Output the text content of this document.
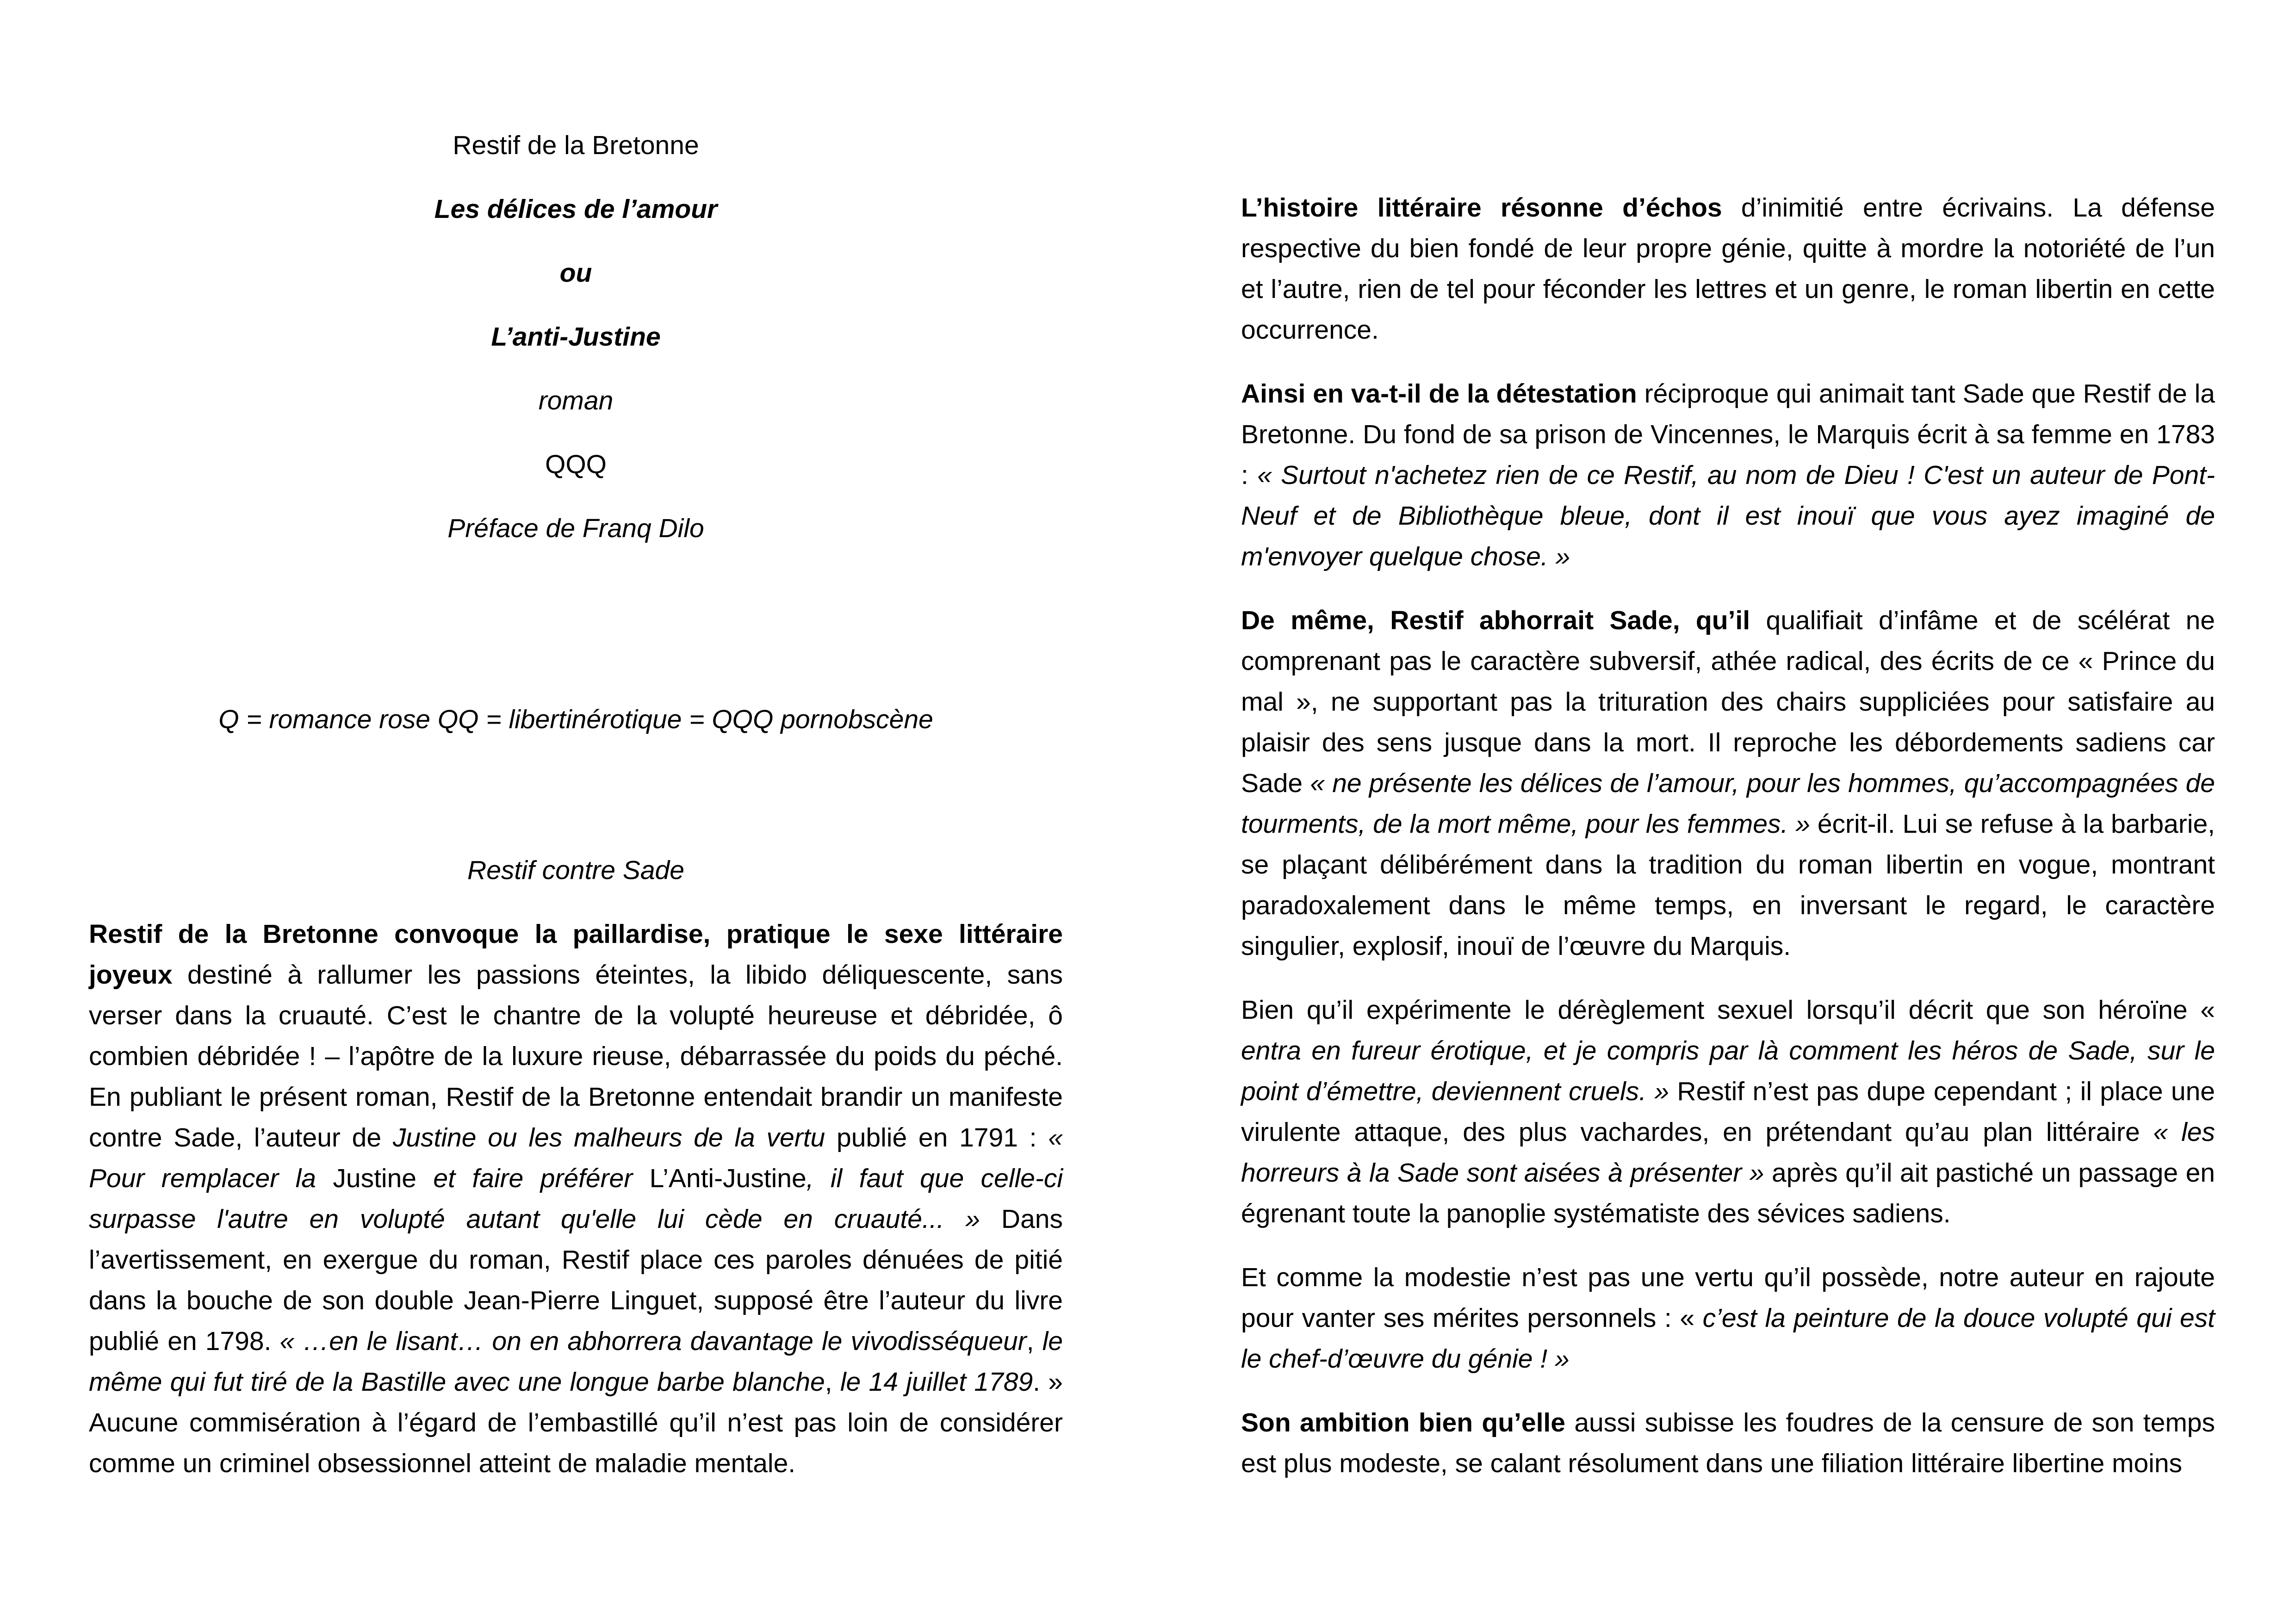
Restif de la Bretonne
Les délices de l’amour
ou
L’anti-Justine
roman
QQQ
Préface de Franq Dilo
Q = romance rose QQ = libertinérotique = QQQ pornobscène
Restif contre Sade

Restif de la Bretonne convoque la paillardise, pratique le sexe littéraire joyeux destiné à rallumer les passions éteintes, la libido déliquescente, sans verser dans la cruauté. C’est le chantre de la volupté heureuse et débridée, ô combien débridée ! – l’apôtre de la luxure rieuse, débarrassée du poids du péché. En publiant le présent roman, Restif de la Bretonne entendait brandir un manifeste contre Sade, l’auteur de Justine ou les malheurs de la vertu publié en 1791 : « Pour remplacer la Justine et faire préférer L’Anti-Justine, il faut que celle-ci surpasse l'autre en volupté autant qu'elle lui cède en cruauté... » Dans l’avertissement, en exergue du roman, Restif place ces paroles dénuées de pitié dans la bouche de son double Jean-Pierre Linguet, supposé être l’auteur du livre publié en 1798. « …en le lisant… on en abhorrera davantage le vivodisséqueur, le même qui fut tiré de la Bastille avec une longue barbe blanche, le 14 juillet 1789. » Aucune commisération à l’égard de l’embastillé qu’il n’est pas loin de considérer comme un criminel obsessionnel atteint de maladie mentale.

L’histoire littéraire résonne d’échos d’inimitié entre écrivains. La défense respective du bien fondé de leur propre génie, quitte à mordre la notoriété de l’un et l’autre, rien de tel pour féconder les lettres et un genre, le roman libertin en cette occurrence.

Ainsi en va-t-il de la détestation réciproque qui animait tant Sade que Restif de la Bretonne. Du fond de sa prison de Vincennes, le Marquis écrit à sa femme en 1783 : « Surtout n'achetez rien de ce Restif, au nom de Dieu ! C'est un auteur de Pont-Neuf et de Bibliothèque bleue, dont il est inouï que vous ayez imaginé de m'envoyer quelque chose. »

De même, Restif abhorrait Sade, qu’il qualifiait d’infâme et de scélérat ne comprenant pas le caractère subversif, athée radical, des écrits de ce « Prince du mal », ne supportant pas la trituration des chairs suppliciées pour satisfaire au plaisir des sens jusque dans la mort. Il reproche les débordements sadiens car Sade « ne présente les délices de l’amour, pour les hommes, qu’accompagnées de tourments, de la mort même, pour les femmes. » écrit-il. Lui se refuse à la barbarie, se plaçant délibérément dans la tradition du roman libertin en vogue, montrant paradoxalement dans le même temps, en inversant le regard, le caractère singulier, explosif, inouï de l’œuvre du Marquis.

Bien qu’il expérimente le dérèglement sexuel lorsqu’il décrit que son héroïne « entra en fureur érotique, et je compris par là comment les héros de Sade, sur le point d’émettre, deviennent cruels. » Restif n’est pas dupe cependant ; il place une virulente attaque, des plus vachardes, en prétendant qu’au plan littéraire « les horreurs à la Sade sont aisées à présenter » après qu’il ait pastiché un passage en égrenant toute la panoplie systématiste des sévices sadiens.

Et comme la modestie n’est pas une vertu qu’il possède, notre auteur en rajoute pour vanter ses mérites personnels : « c’est la peinture de la douce volupté qui est le chef-d’œuvre du génie ! »

Son ambition bien qu’elle aussi subisse les foudres de la censure de son temps est plus modeste, se calant résolument dans une filiation littéraire libertine moins
